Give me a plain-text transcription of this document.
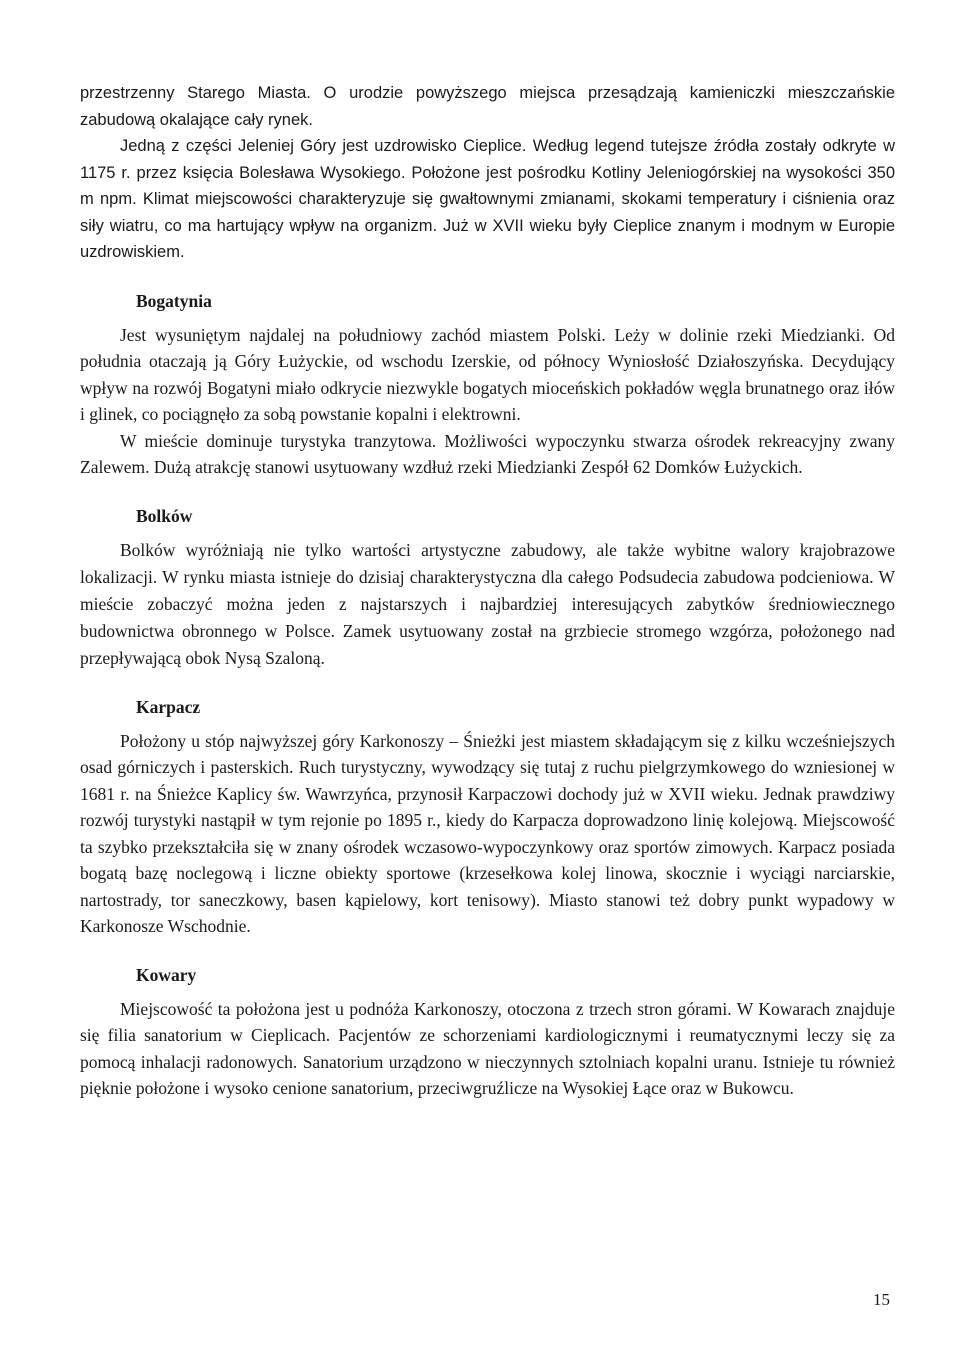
przestrzenny Starego Miasta. O urodzie powyższego miejsca przesądzają kamieniczki mieszczańskie zabudową okalające cały rynek.

Jedną z części Jeleniej Góry jest uzdrowisko Cieplice. Według legend tutejsze źródła zostały odkryte w 1175 r. przez księcia Bolesława Wysokiego. Położone jest pośrodku Kotliny Jeleniogórskiej na wysokości 350 m npm. Klimat miejscowości charakteryzuje się gwałtownymi zmianami, skokami temperatury i ciśnienia oraz siły wiatru, co ma hartujący wpływ na organizm. Już w XVII wieku były Cieplice znanym i modnym w Europie uzdrowiskiem.

Bogatynia

Jest wysuniętym najdalej na południowy zachód miastem Polski. Leży w dolinie rzeki Miedzianki. Od południa otaczają ją Góry Łużyckie, od wschodu Izerskie, od północy Wyniosłość Działoszyńska. Decydujący wpływ na rozwój Bogatyni miało odkrycie niezwykle bogatych mioceńskich pokładów węgla brunatnego oraz iłów i glinek, co pociągnęło za sobą powstanie kopalni i elektrowni.

W mieście dominuje turystyka tranzytowa. Możliwości wypoczynku stwarza ośrodek rekreacyjny zwany Zalewem. Dużą atrakcję stanowi usytuowany wzdłuż rzeki Miedzianki Zespół 62 Domków Łużyckich.

Bolków

Bolków wyróżniają nie tylko wartości artystyczne zabudowy, ale także wybitne walory krajobrazowe lokalizacji. W rynku miasta istnieje do dzisiaj charakterystyczna dla całego Podsudecia zabudowa podcieniowa. W mieście zobaczyć można jeden z najstarszych i najbardziej interesujących zabytków średniowiecznego budownictwa obronnego w Polsce. Zamek usytuowany został na grzbiecie stromego wzgórza, położonego nad przepływającą obok Nysą Szaloną.

Karpacz

Położony u stóp najwyższej góry Karkonoszy – Śnieżki jest miastem składającym się z kilku wcześniejszych osad górniczych i pasterskich. Ruch turystyczny, wywodzący się tutaj z ruchu pielgrzymkowego do wzniesionej w 1681 r. na Śnieżce Kaplicy św. Wawrzyńca, przynosił Karpaczowi dochody już w XVII wieku. Jednak prawdziwy rozwój turystyki nastąpił w tym rejonie po 1895 r., kiedy do Karpacza doprowadzono linię kolejową. Miejscowość ta szybko przekształciła się w znany ośrodek wczasowo-wypoczynkowy oraz sportów zimowych. Karpacz posiada bogatą bazę noclegową i liczne obiekty sportowe (krzesełkowa kolej linowa, skocznie i wyciągi narciarskie, nartostrady, tor saneczkowy, basen kąpielowy, kort tenisowy). Miasto stanowi też dobry punkt wypadowy w Karkonosze Wschodnie.

Kowary

Miejscowość ta położona jest u podnóża Karkonoszy, otoczona z trzech stron górami. W Kowarach znajduje się filia sanatorium w Cieplicach. Pacjentów ze schorzeniami kardiologicznymi i reumatycznymi leczy się za pomocą inhalacji radonowych. Sanatorium urządzono w nieczynnych sztolniach kopalni uranu. Istnieje tu również pięknie położone i wysoko cenione sanatorium, przeciwgruźlicze na Wysokiej Łące oraz w Bukowcu.

15
